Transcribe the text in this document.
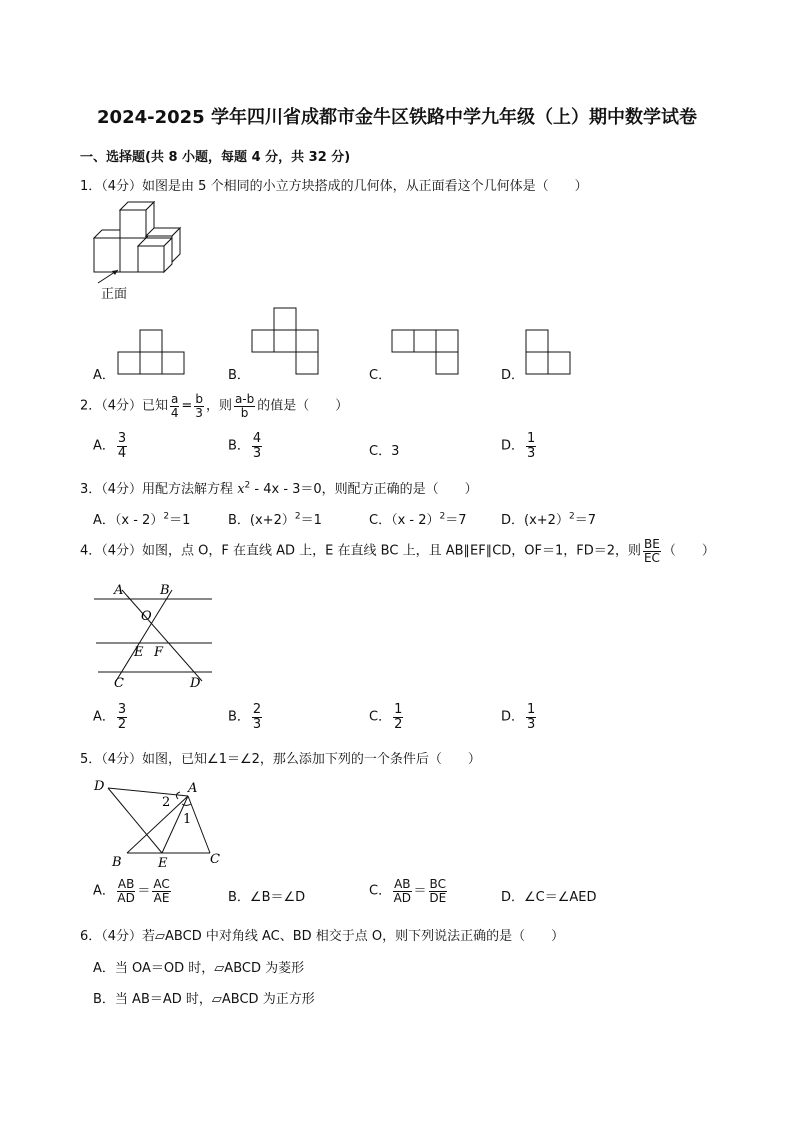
2024-2025 学年四川省成都市金牛区铁路中学九年级（上）期中数学试卷
一、选择题(共 8 小题，每题 4 分，共 32 分)
1．（4分）如图是由 5 个相同的小立方块搭成的几何体，从正面看这个几何体是（　　）
正面
A．	B．	C．	D．
2．（4分）已知 $\frac{a}{4} = \frac{b}{3}$ ，则 $\frac{a-b}{b}$ 的值是（　　）
A． $\frac{3}{4}$	B． $\frac{4}{3}$	C．3	D． $\frac{1}{3}$
3．（4分）用配方法解方程 $x^2 - 4x - 3=0$，则配方正确的是（　　）
A．（x - 2）$^2$＝1	B．(x+2）$^2$＝1	C．（x - 2）$^2$＝7	D．(x+2）$^2$＝7
4．（4分）如图，点 O，F 在直线 AD 上，E 在直线 BC 上，且 AB∥EF∥CD，OF＝1，FD＝2，则 $\frac{BE}{EC}$ （　　）
A	B
O
E F
C	D
A． $\frac{3}{2}$	B． $\frac{2}{3}$	C． $\frac{1}{2}$	D． $\frac{1}{3}$
5．（4分）如图，已知∠1＝∠2，那么添加下列的一个条件后（　　）
D	A
2
1
B	E	C
A． $\frac{AB}{AD} = \frac{AC}{AE}$	B．∠B＝∠D	C． $\frac{AB}{AD} = \frac{BC}{DE}$	D．∠C＝∠AED
6．（4分）若▱ABCD 中对角线 AC、BD 相交于点 O，则下列说法正确的是（　　）
A．当 OA＝OD 时，▱ABCD 为菱形
B．当 AB＝AD 时，▱ABCD 为正方形
